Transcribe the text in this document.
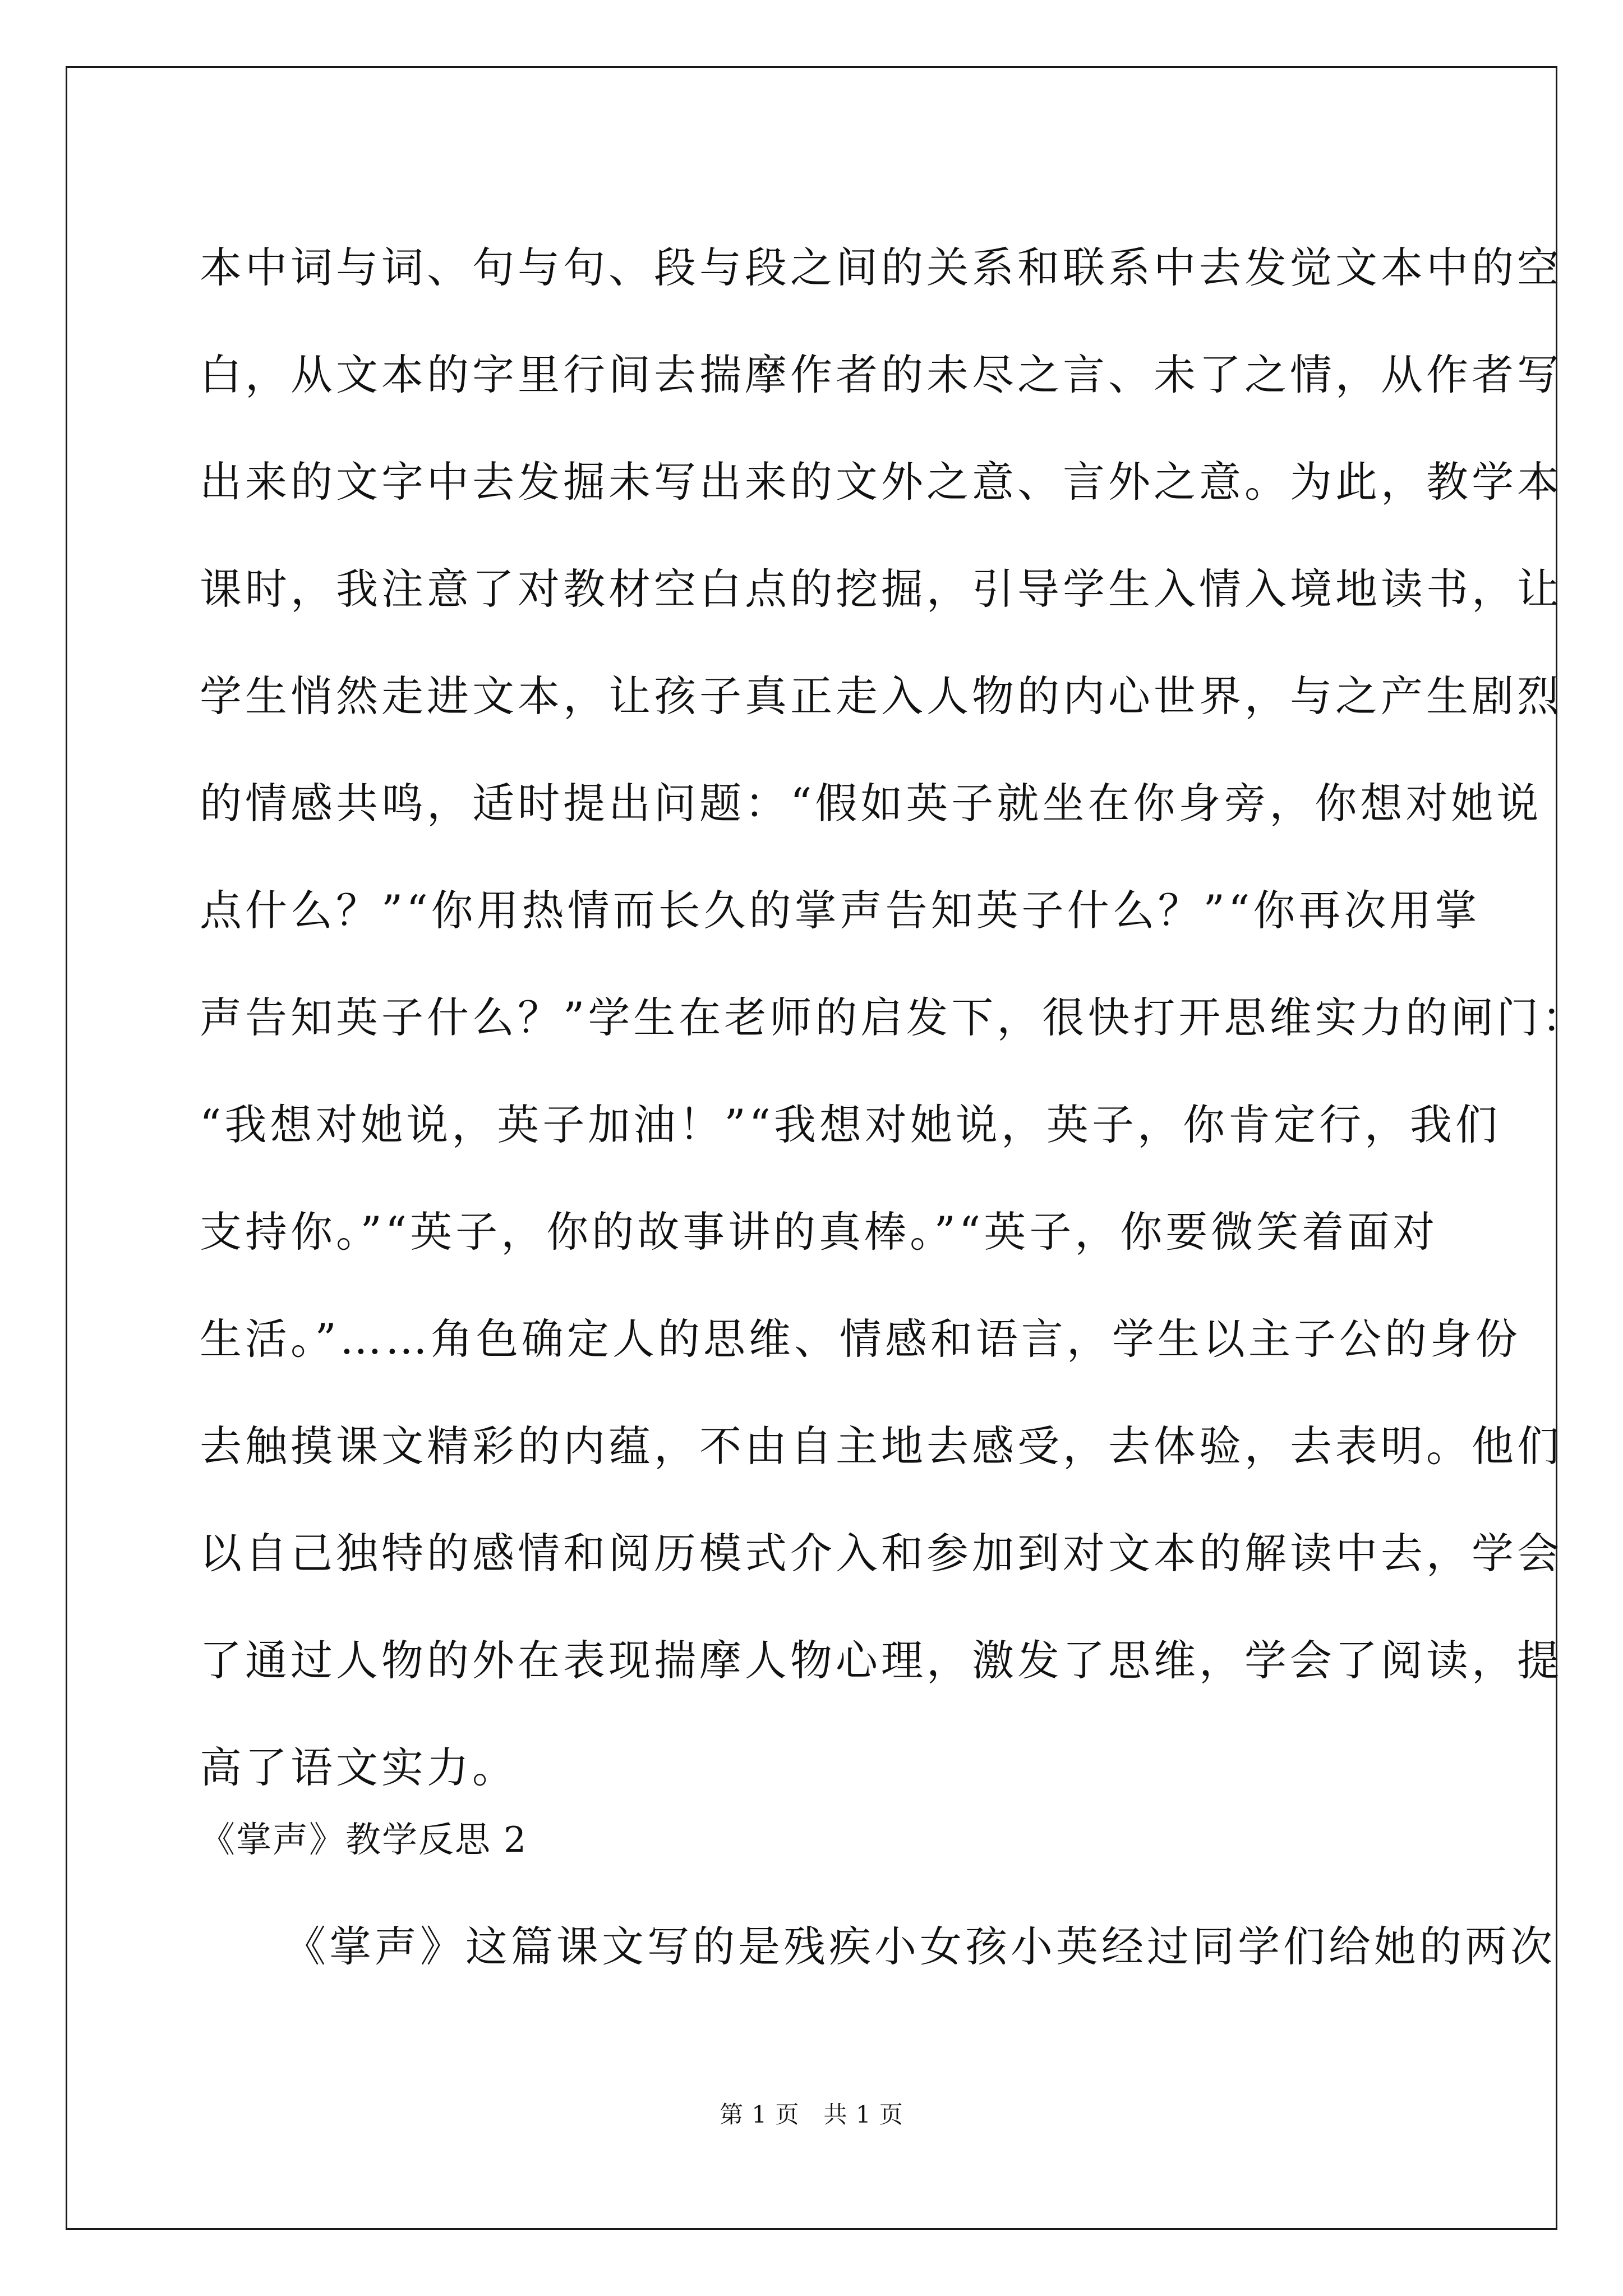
本中词与词、句与句、段与段之间的关系和联系中去发觉文本中的空
白，从文本的字里行间去揣摩作者的未尽之言、未了之情，从作者写
出来的文字中去发掘未写出来的文外之意、言外之意。为此，教学本
课时，我注意了对教材空白点的挖掘，引导学生入情入境地读书，让
学生悄然走进文本，让孩子真正走入人物的内心世界，与之产生剧烈
的情感共鸣，适时提出问题：“假如英子就坐在你身旁，你想对她说
点什么？”“你用热情而长久的掌声告知英子什么？”“你再次用掌
声告知英子什么？”学生在老师的启发下，很快打开思维实力的闸门：
“我想对她说，英子加油！”“我想对她说，英子，你肯定行，我们
支持你。”“英子，你的故事讲的真棒。”“英子，你要微笑着面对
生活。”……角色确定人的思维、情感和语言，学生以主子公的身份
去触摸课文精彩的内蕴，不由自主地去感受，去体验，去表明。他们
以自己独特的感情和阅历模式介入和参加到对文本的解读中去，学会
了通过人物的外在表现揣摩人物心理，激发了思维，学会了阅读，提
高了语文实力。
《掌声》教学反思 2

《掌声》这篇课文写的是残疾小女孩小英经过同学们给她的两次

第 1 页　共 1 页
